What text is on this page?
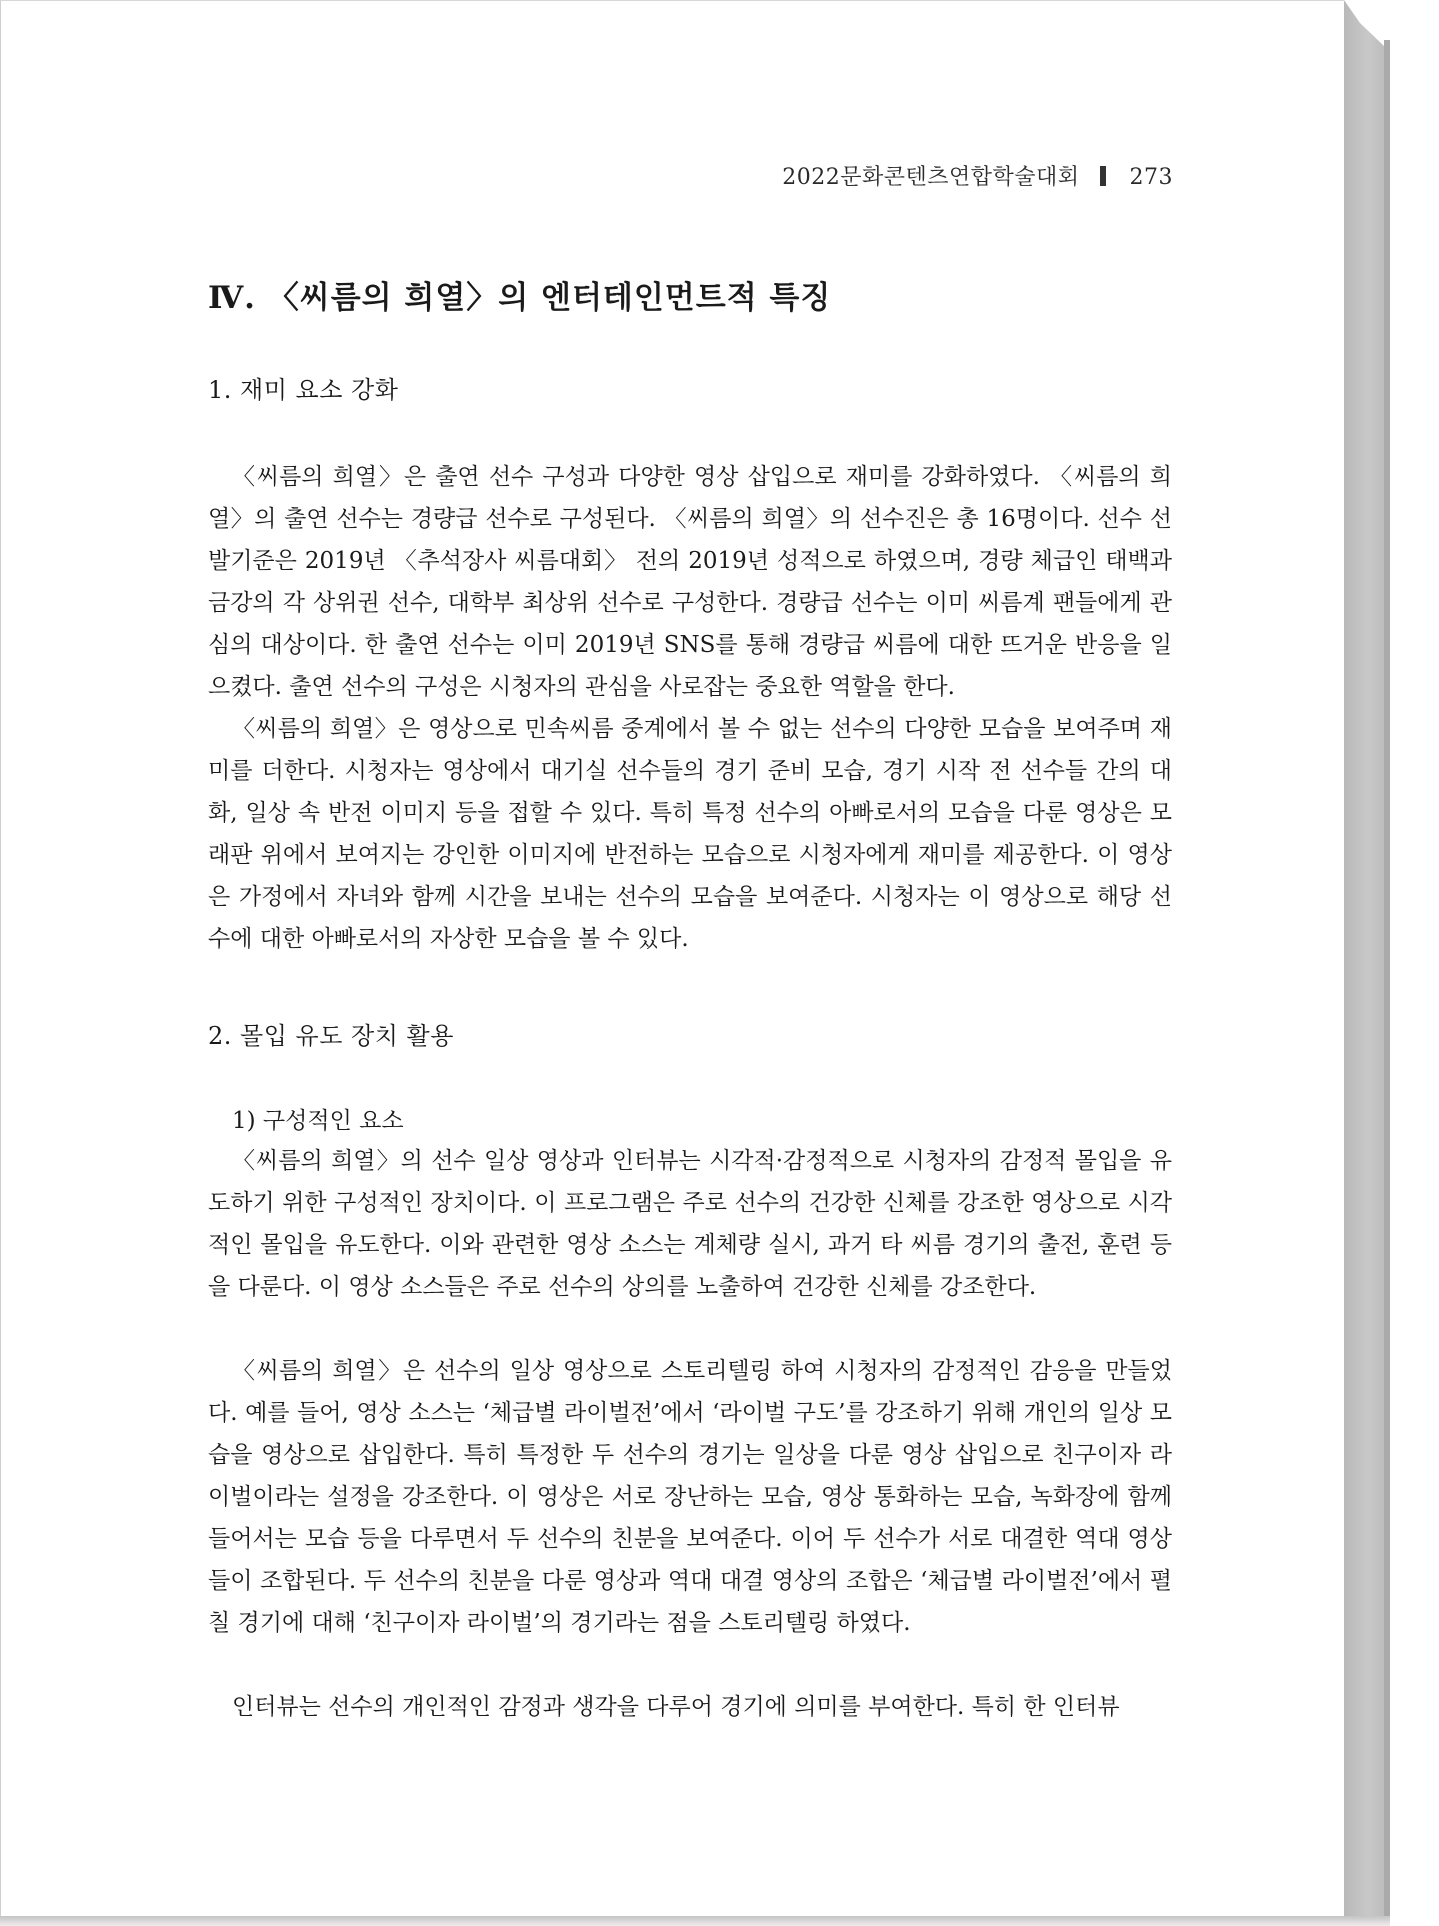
2022문화콘텐츠연합학술대회 273
Ⅳ. 〈씨름의 희열〉의 엔터테인먼트적 특징
1. 재미 요소 강화

〈씨름의 희열〉은 출연 선수 구성과 다양한 영상 삽입으로 재미를 강화하였다. 〈씨름의 희열〉의 출연 선수는 경량급 선수로 구성된다. 〈씨름의 희열〉의 선수진은 총 16명이다. 선수 선발기준은 2019년 〈추석장사 씨름대회〉 전의 2019년 성적으로 하였으며, 경량 체급인 태백과 금강의 각 상위권 선수, 대학부 최상위 선수로 구성한다. 경량급 선수는 이미 씨름계 팬들에게 관심의 대상이다. 한 출연 선수는 이미 2019년 SNS를 통해 경량급 씨름에 대한 뜨거운 반응을 일으켰다. 출연 선수의 구성은 시청자의 관심을 사로잡는 중요한 역할을 한다.

〈씨름의 희열〉은 영상으로 민속씨름 중계에서 볼 수 없는 선수의 다양한 모습을 보여주며 재미를 더한다. 시청자는 영상에서 대기실 선수들의 경기 준비 모습, 경기 시작 전 선수들 간의 대화, 일상 속 반전 이미지 등을 접할 수 있다. 특히 특정 선수의 아빠로서의 모습을 다룬 영상은 모래판 위에서 보여지는 강인한 이미지에 반전하는 모습으로 시청자에게 재미를 제공한다. 이 영상은 가정에서 자녀와 함께 시간을 보내는 선수의 모습을 보여준다. 시청자는 이 영상으로 해당 선수에 대한 아빠로서의 자상한 모습을 볼 수 있다.

2. 몰입 유도 장치 활용
1) 구성적인 요소

〈씨름의 희열〉의 선수 일상 영상과 인터뷰는 시각적·감정적으로 시청자의 감정적 몰입을 유도하기 위한 구성적인 장치이다. 이 프로그램은 주로 선수의 건강한 신체를 강조한 영상으로 시각적인 몰입을 유도한다. 이와 관련한 영상 소스는 계체량 실시, 과거 타 씨름 경기의 출전, 훈련 등을 다룬다. 이 영상 소스들은 주로 선수의 상의를 노출하여 건강한 신체를 강조한다.

〈씨름의 희열〉은 선수의 일상 영상으로 스토리텔링 하여 시청자의 감정적인 감응을 만들었다. 예를 들어, 영상 소스는 ‘체급별 라이벌전’에서 ‘라이벌 구도’를 강조하기 위해 개인의 일상 모습을 영상으로 삽입한다. 특히 특정한 두 선수의 경기는 일상을 다룬 영상 삽입으로 친구이자 라이벌이라는 설정을 강조한다. 이 영상은 서로 장난하는 모습, 영상 통화하는 모습, 녹화장에 함께 들어서는 모습 등을 다루면서 두 선수의 친분을 보여준다. 이어 두 선수가 서로 대결한 역대 영상들이 조합된다. 두 선수의 친분을 다룬 영상과 역대 대결 영상의 조합은 ‘체급별 라이벌전’에서 펼칠 경기에 대해 ‘친구이자 라이벌’의 경기라는 점을 스토리텔링 하였다.

인터뷰는 선수의 개인적인 감정과 생각을 다루어 경기에 의미를 부여한다. 특히 한 인터뷰
